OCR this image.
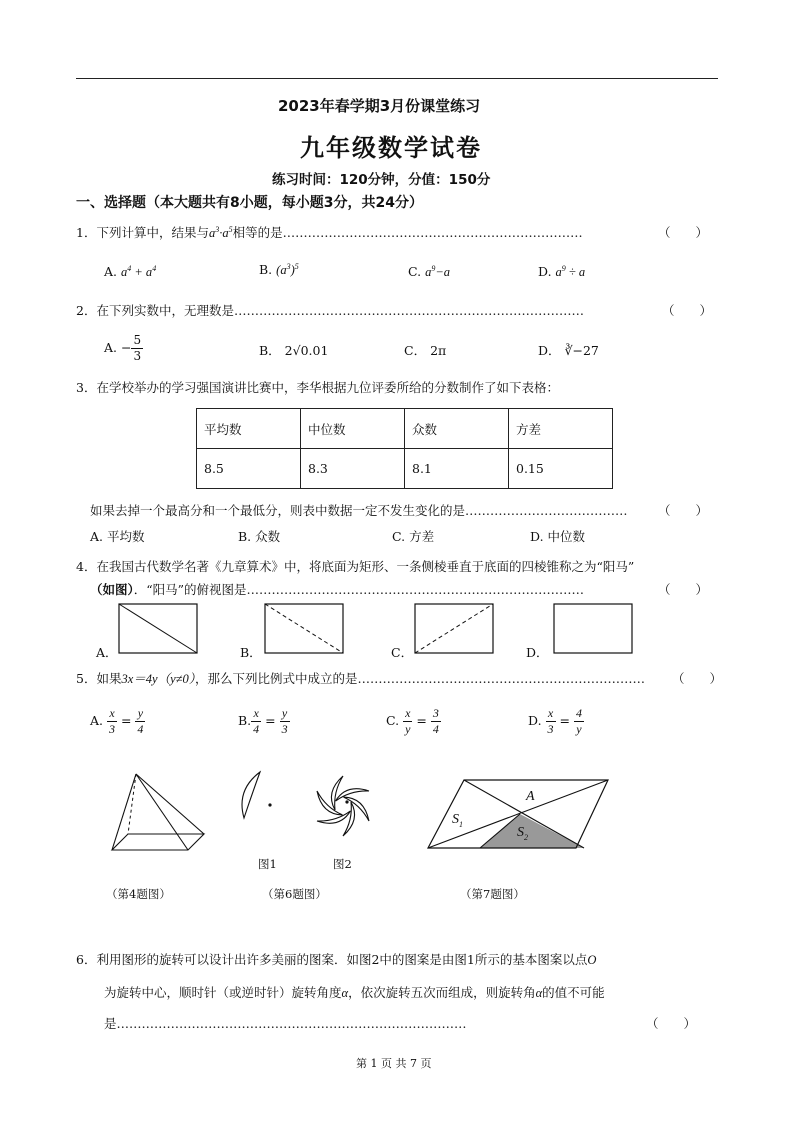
2023年春学期3月份课堂练习
九年级数学试卷
练习时间：120分钟，分值：150分
一、选择题（本大题共有8小题，每小题3分，共24分）
1．下列计算中，结果与$a^3\cdot a^5$相等的是………………………………………………………………	（　　）
A. $a^4 + a^4$	B. $(a^3)^5$	C. $a^9-a$	D. $a^9 \div a$
2．在下列实数中，无理数是…………………………………………………………………………	（　　）
A. − $\frac{5}{3}$	B． 2√0.01	C． 2π	D． ∛−27
3．在学校举办的学习强国演讲比赛中，李华根据九位评委所给的分数制作了如下表格：
平均数	中位数	众数	方差
8.5	8.3	8.1	0.15
如果去掉一个最高分和一个最低分，则表中数据一定不发生变化的是………………………………… （　　）
A. 平均数	B. 众数	C. 方差	D. 中位数
4．在我国古代数学名著《九章算术》中，将底面为矩形、一条侧棱垂直于底面的四棱锥称之为“阳马”
（如图）．“阳马”的俯视图是………………………………………………………………………	（　　）
A．	B．	C．	D．
5．如果3x＝4y（y≠0），那么下列比例式中成立的是…………………………………………………………… （　　）
A. $\frac{x}{3} = \frac{y}{4}$	B. $\frac{x}{4} = \frac{y}{3}$	C. $\frac{x}{y} = \frac{3}{4}$	D. $\frac{x}{3} = \frac{4}{y}$
图1	图2
A
$S_1$
$S_2$
（第4题图）	（第6题图）	（第7题图）
6．利用图形的旋转可以设计出许多美丽的图案．如图2中的图案是由图1所示的基本图案以点O
为旋转中心，顺时针（或逆时针）旋转角度α，依次旋转五次而组成，则旋转角α的值不可能
是…………………………………………………………………………	（　　）
第 1 页 共 7 页
